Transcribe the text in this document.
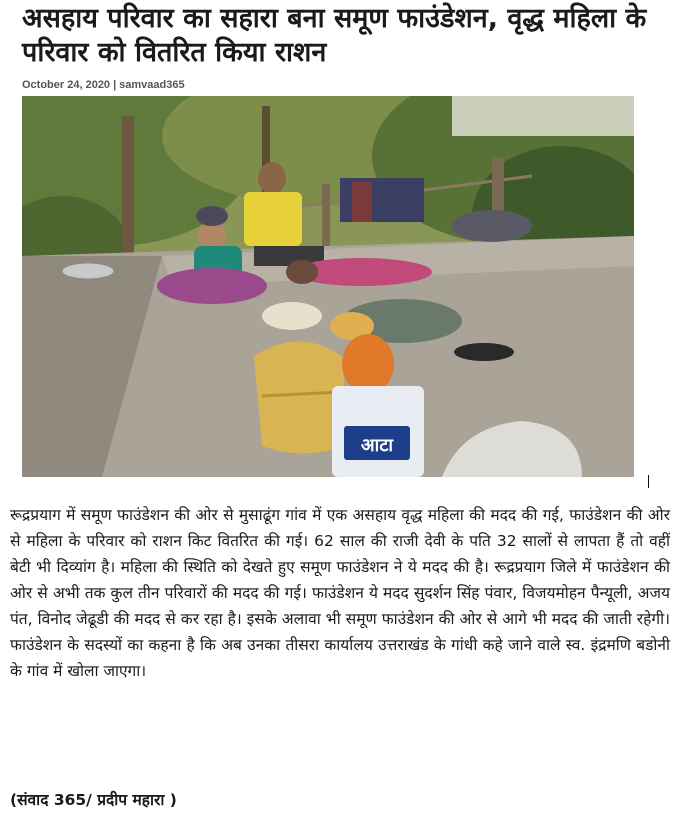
असहाय परिवार का सहारा बना समूण फाउंडेशन, वृद्ध महिला के परिवार को वितरित किया राशन
October 24, 2020 | samvaad365
आटा

रूद्रप्रयाग में समूण फाउंडेशन की ओर से मुसाढूंग गांव में एक असहाय वृद्ध महिला की मदद की गई, फाउंडेशन की ओर से महिला के परिवार को राशन किट वितरित की गई। 62 साल की राजी देवी के पति 32 सालों से लापता हैं तो वहीं बेटी भी दिव्यांग है। महिला की स्थिति को देखते हुए समूण फाउंडेशन ने ये मदद की है। रूद्रप्रयाग जिले में फाउंडेशन की ओर से अभी तक कुल तीन परिवारों की मदद की गई। फाउंडेशन ये मदद सुदर्शन सिंह पंवार, विजयमोहन पैन्यूली, अजय पंत, विनोद जेढूडी की मदद से कर रहा है। इसके अलावा भी समूण फाउंडेशन की ओर से आगे भी मदद की जाती रहेगी। फाउंडेशन के सदस्यों का कहना है कि अब उनका तीसरा कार्यालय उत्तराखंड के गांधी कहे जाने वाले स्व. इंद्रमणि बडोनी के गांव में खोला जाएगा।

(संवाद 365/ प्रदीप महारा )
